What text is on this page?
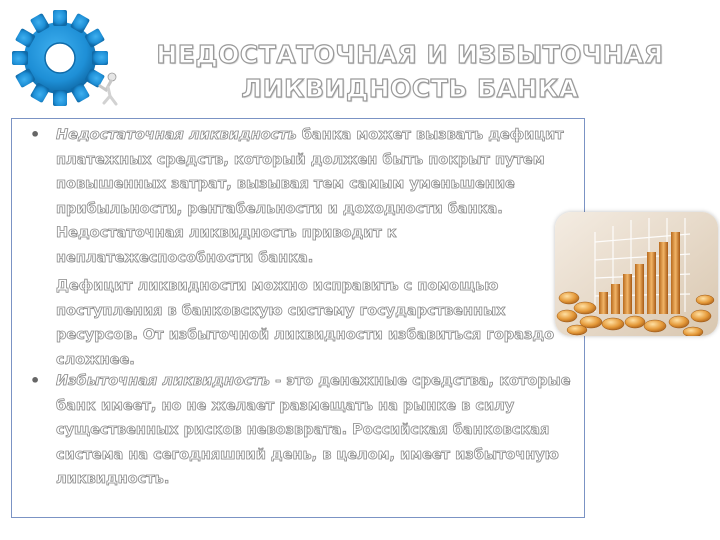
НЕДОСТАТОЧНАЯ И ИЗБЫТОЧНАЯ
ЛИКВИДНОСТЬ БАНКА
• Недостаточная ликвидность банка может вызвать дефицит платежных средств, который должен быть покрыт путем повышенных затрат, вызывая тем самым уменьшение прибыльности, рентабельности и доходности банка. Недостаточная ликвидность приводит к неплатежеспособности банка.

Дефицит ликвидности можно исправить с помощью поступления в банковскую систему государственных ресурсов. От избыточной ликвидности избавиться гораздо сложнее.

• Избыточная ликвидность - это денежные средства, которые банк имеет, но не желает размещать на рынке в силу существенных рисков невозврата. Российская банковская система на сегодняшний день, в целом, имеет избыточную ликвидность.
